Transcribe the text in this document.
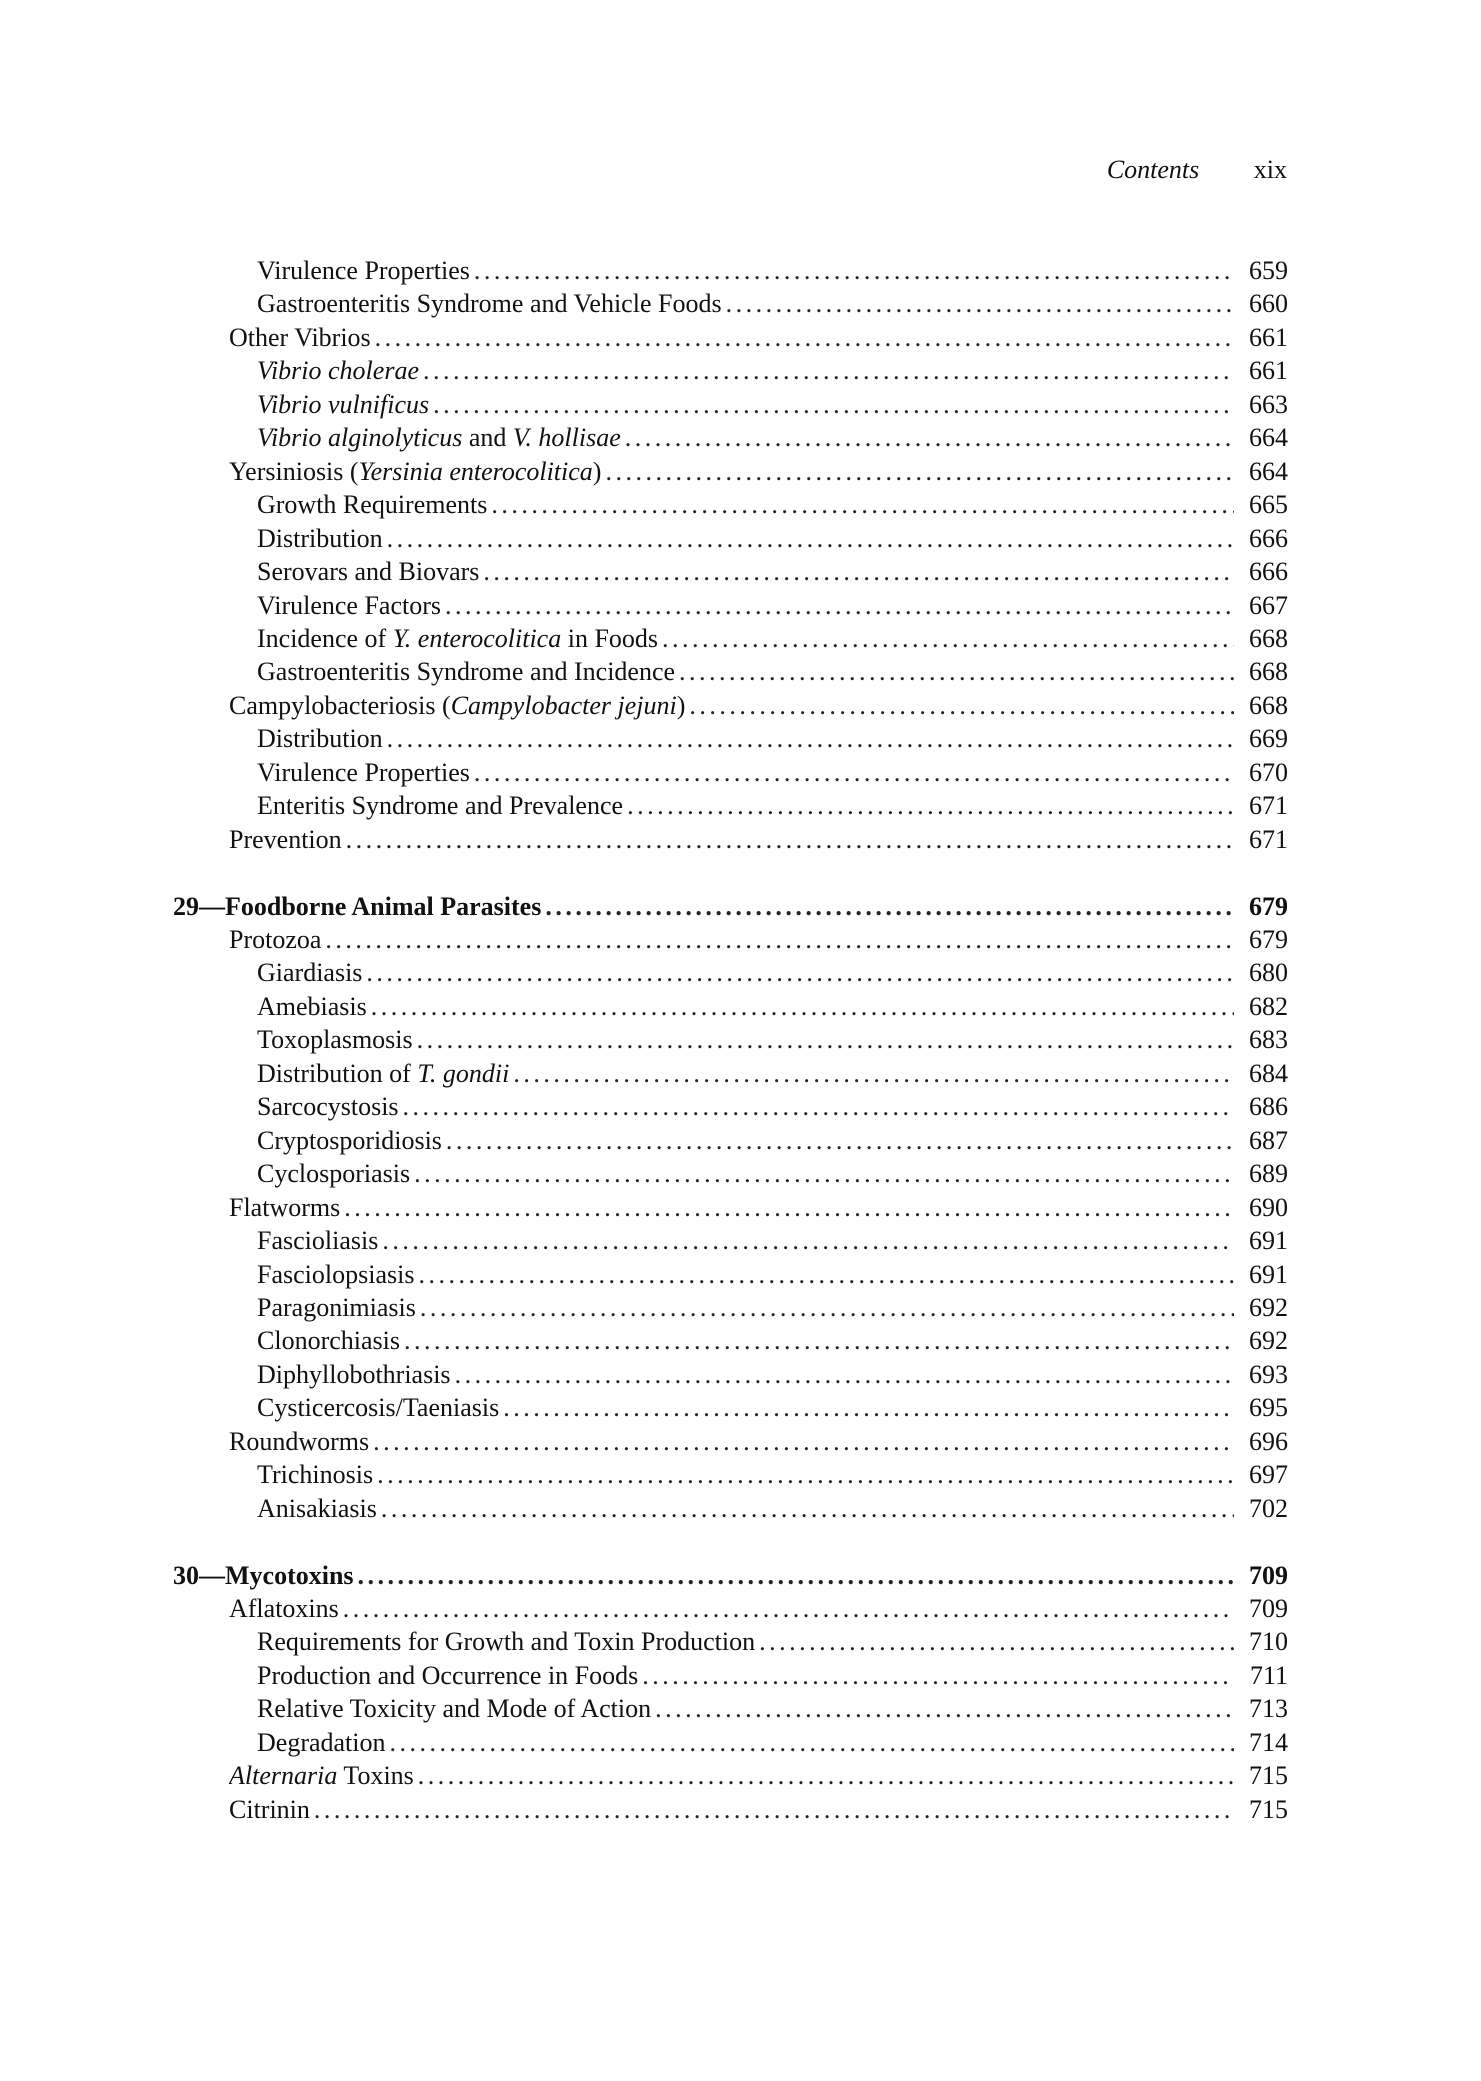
Contents xix
Virulence Properties . . .	659
Gastroenteritis Syndrome and Vehicle Foods . . .	660
Other Vibrios . . .	661
Vibrio cholerae . . .	661
Vibrio vulnificus . . .	663
Vibrio alginolyticus and V. hollisae . . .	664
Yersiniosis (Yersinia enterocolitica) . . .	664
Growth Requirements . . .	665
Distribution . . .	666
Serovars and Biovars . . .	666
Virulence Factors . . .	667
Incidence of Y. enterocolitica in Foods . . .	668
Gastroenteritis Syndrome and Incidence . . .	668
Campylobacteriosis (Campylobacter jejuni) . . .	668
Distribution . . .	669
Virulence Properties . . .	670
Enteritis Syndrome and Prevalence . . .	671
Prevention . . .	671
29—Foodborne Animal Parasites . . .	679
Protozoa . . .	679
Giardiasis . . .	680
Amebiasis . . .	682
Toxoplasmosis . . .	683
Distribution of T. gondii . . .	684
Sarcocystosis . . .	686
Cryptosporidiosis . . .	687
Cyclosporiasis . . .	689
Flatworms . . .	690
Fascioliasis . . .	691
Fasciolopsiasis . . .	691
Paragonimiasis . . .	692
Clonorchiasis . . .	692
Diphyllobothriasis . . .	693
Cysticercosis/Taeniasis . . .	695
Roundworms . . .	696
Trichinosis . . .	697
Anisakiasis . . .	702
30—Mycotoxins . . .	709
Aflatoxins . . .	709
Requirements for Growth and Toxin Production . . .	710
Production and Occurrence in Foods . . .	711
Relative Toxicity and Mode of Action . . .	713
Degradation . . .	714
Alternaria Toxins . . .	715
Citrinin . . .	715
